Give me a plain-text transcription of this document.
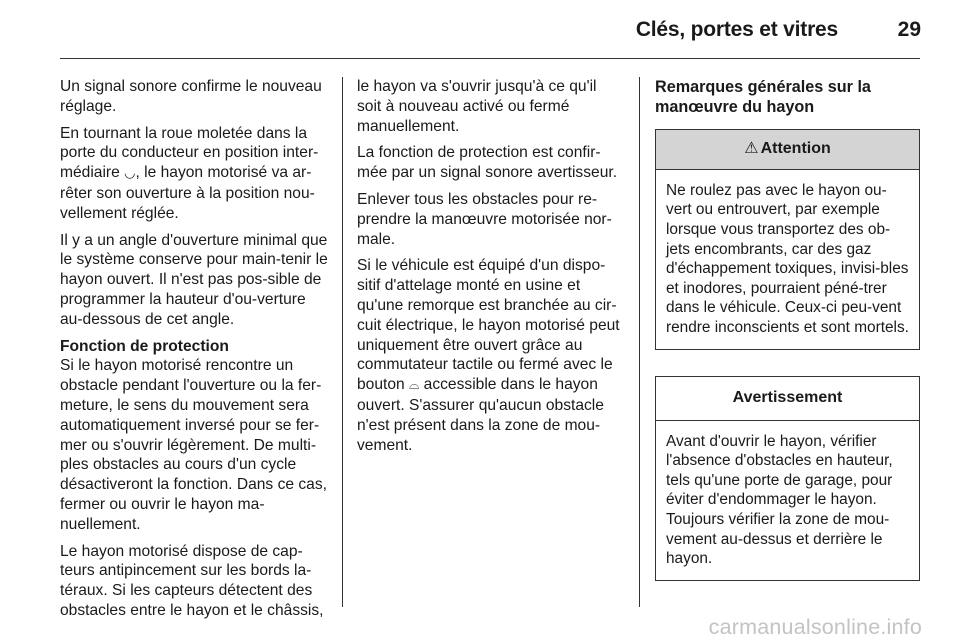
Clés, portes et vitres	29

Un signal sonore confirme le nouveau réglage.

En tournant la roue moletée dans la porte du conducteur en position inter-médiaire ◡, le hayon motorisé va ar-rêter son ouverture à la position nou-vellement réglée.

Il y a un angle d'ouverture minimal que le système conserve pour main-tenir le hayon ouvert. Il n'est pas pos-sible de programmer la hauteur d'ou-verture au-dessous de cet angle.

Fonction de protection

Si le hayon motorisé rencontre un obstacle pendant l'ouverture ou la fer-meture, le sens du mouvement sera automatiquement inversé pour se fer-mer ou s'ouvrir légèrement. De multi-ples obstacles au cours d'un cycle désactiveront la fonction. Dans ce cas, fermer ou ouvrir le hayon ma-nuellement.

Le hayon motorisé dispose de cap-teurs antipincement sur les bords la-téraux. Si les capteurs détectent des obstacles entre le hayon et le châssis,

le hayon va s'ouvrir jusqu'à ce qu'il soit à nouveau activé ou fermé manuellement.

La fonction de protection est confir-mée par un signal sonore avertisseur.

Enlever tous les obstacles pour re-prendre la manœuvre motorisée nor-male.

Si le véhicule est équipé d'un dispo-sitif d'attelage monté en usine et qu'une remorque est branchée au cir-cuit électrique, le hayon motorisé peut uniquement être ouvert grâce au commutateur tactile ou fermé avec le bouton ⌓ accessible dans le hayon ouvert. S'assurer qu'aucun obstacle n'est présent dans la zone de mou-vement.

Remarques générales sur la manœuvre du hayon
⚠ Attention
Ne roulez pas avec le hayon ou-vert ou entrouvert, par exemple lorsque vous transportez des ob-jets encombrants, car des gaz d'échappement toxiques, invisi-bles et inodores, pourraient péné-trer dans le véhicule. Ceux-ci peu-vent rendre inconscients et sont mortels.
Avertissement
Avant d'ouvrir le hayon, vérifier l'absence d'obstacles en hauteur, tels qu'une porte de garage, pour éviter d'endommager le hayon. Toujours vérifier la zone de mou-vement au-dessus et derrière le hayon.
carmanualsonline.info
